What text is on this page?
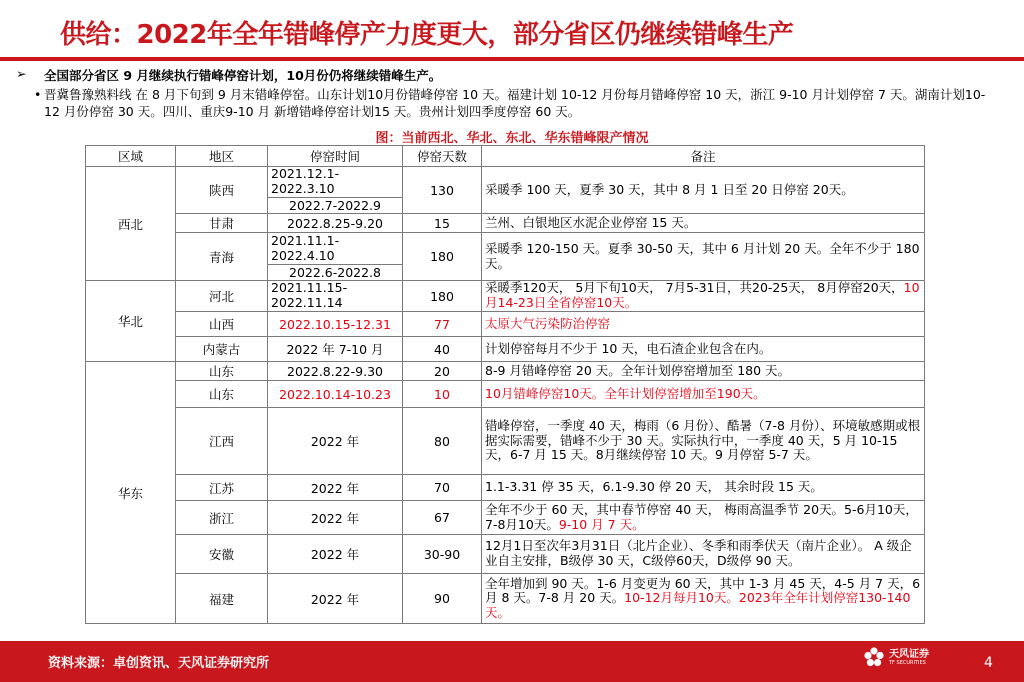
供给：2022年全年错峰停产力度更大，部分省区仍继续错峰生产
➢ 全国部分省区 9 月继续执行错峰停窑计划，10月份仍将继续错峰生产。
• 晋冀鲁豫熟料线 在 8 月下旬到 9 月末错峰停窑。山东计划10月份错峰停窑 10 天。福建计划 10-12 月份每月错峰停窑 10 天，浙江 9-10 月计划停窑 7 天。湖南计划10-12 月份停窑 30 天。四川、重庆9-10 月 新增错峰停窑计划15 天。贵州计划四季度停窑 60 天。
图：当前西北、华北、东北、华东错峰限产情况
区域	地区	停窑时间	停窑天数	备注
西北	陕西	2021.12.1-2022.3.10	130	采暖季 100 天，夏季 30 天，其中 8 月 1 日至 20 日停窑 20天。
		2022.7-2022.9		
	甘肃	2022.8.25-9.20	15	兰州、白银地区水泥企业停窑 15 天。
	青海	2021.11.1-2022.4.10	180	采暖季 120-150 天。夏季 30-50 天，其中 6 月计划 20 天。全年不少于 180 天。
		2022.6-2022.8		
华北	河北	2021.11.15-2022.11.14	180	采暖季120天， 5月下旬10天， 7月5-31日，共20-25天， 8月停窑20天，10月14-23日全省停窑10天。
	山西	2022.10.15-12.31	77	太原大气污染防治停窑
	内蒙古	2022 年 7-10 月	40	计划停窑每月不少于 10 天，电石渣企业包含在内。
华东	山东	2022.8.22-9.30	20	8-9 月错峰停窑 20 天。全年计划停窑增加至 180 天。
	山东	2022.10.14-10.23	10	10月错峰停窑10天。全年计划停窑增加至190天。
	江西	2022 年	80	错峰停窑，一季度 40 天，梅雨（6 月份）、酷暑（7-8 月份）、环境敏感期或根据实际需要，错峰不少于 30 天。实际执行中，一季度 40 天，5 月 10-15 天，6-7 月 15 天。8月继续停窑 10 天。9 月停窑 5-7 天。
	江苏	2022 年	70	1.1-3.31 停 35 天，6.1-9.30 停 20 天， 其余时段 15 天。
	浙江	2022 年	67	全年不少于 60 天，其中春节停窑 40 天， 梅雨高温季节 20天。5-6月10天，7-8月10天。9-10 月 7 天。
	安徽	2022 年	30-90	12月1日至次年3月31日（北片企业）、冬季和雨季伏天（南片企业）。 A 级企业自主安排，B级停 30 天，C级停60天，D级停 90 天。
	福建	2022 年	90	全年增加到 90 天。1-6 月变更为 60 天，其中 1-3 月 45 天，4-5 月 7 天，6 月 8 天。7-8 月 20 天。10-12月每月10天。2023年全年计划停窑130-140天。
资料来源：卓创资讯、天风证券研究所
天风证券
TF SECURITIES	4
